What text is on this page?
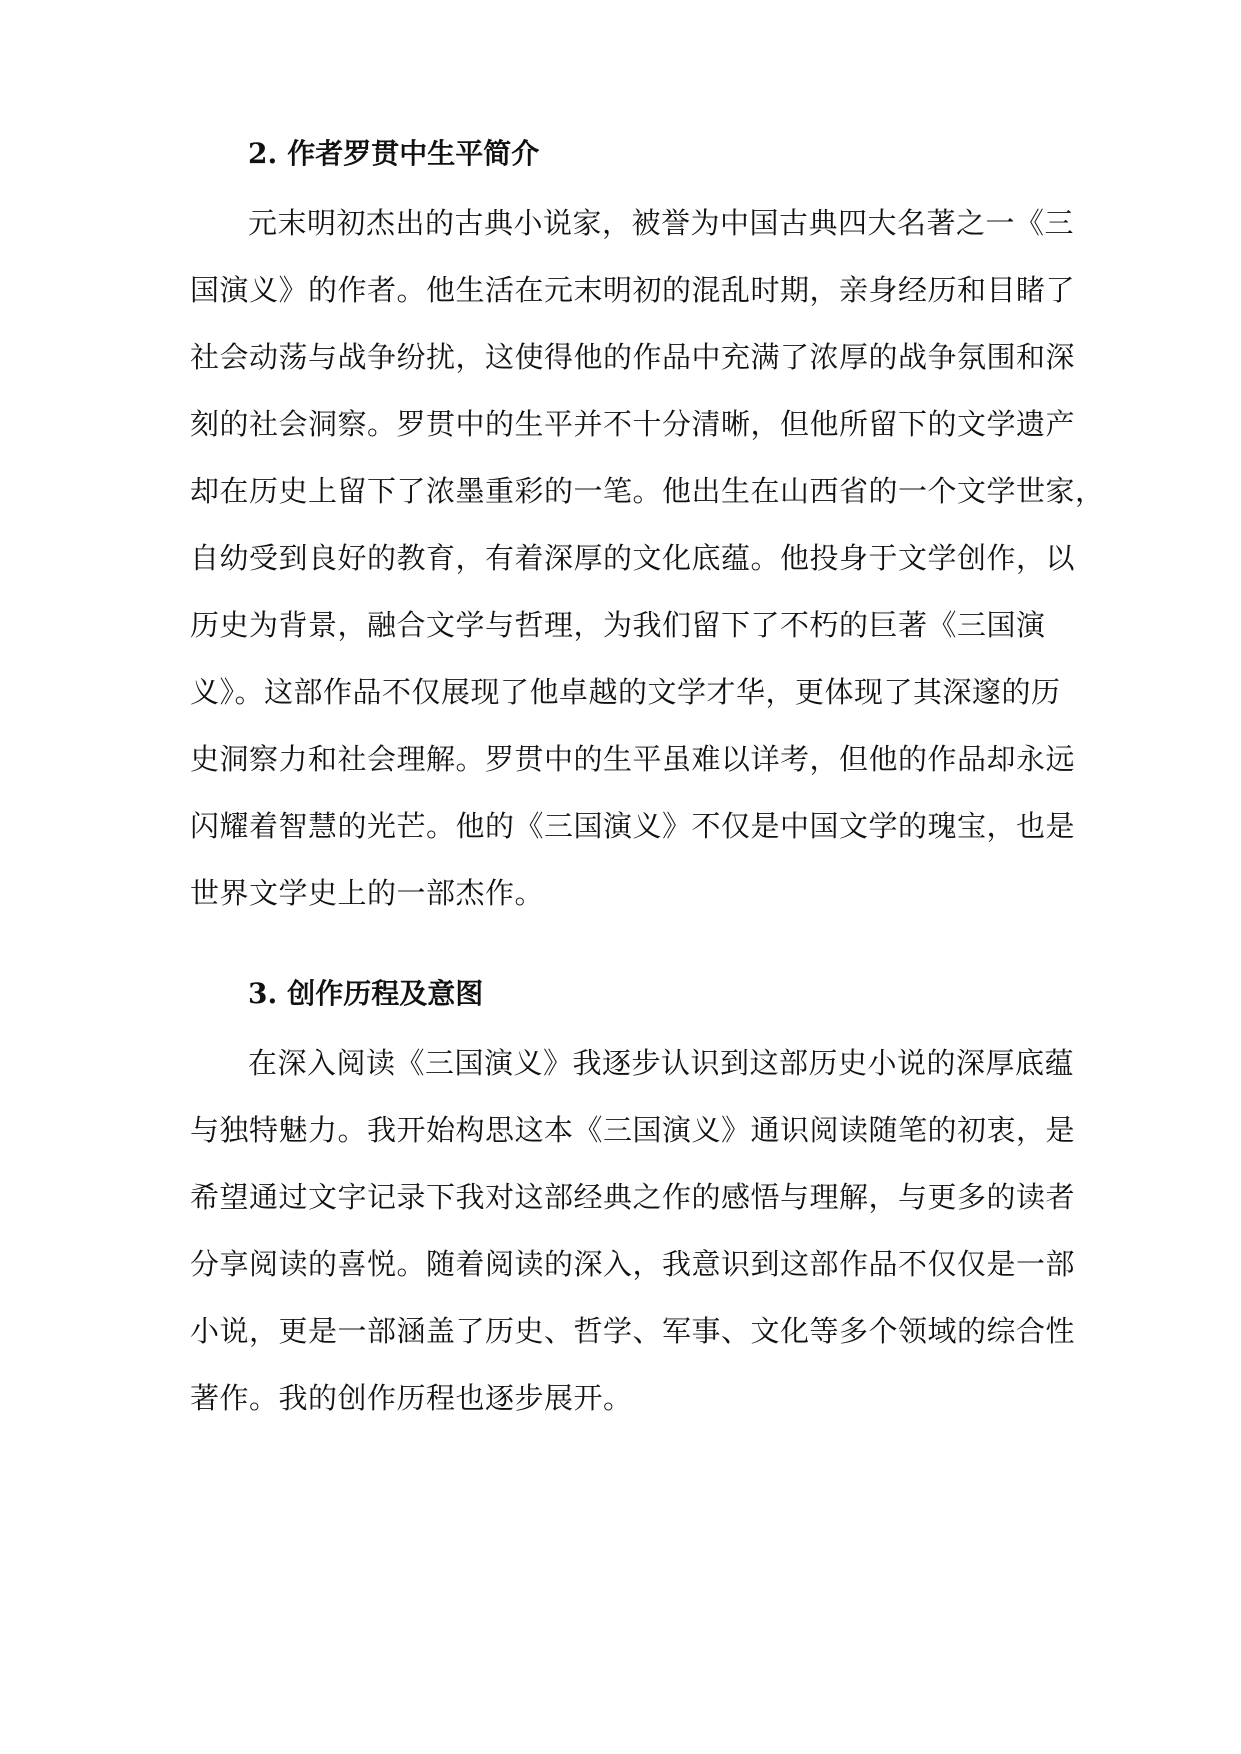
2. 作者罗贯中生平简介
元末明初杰出的古典小说家，被誉为中国古典四大名著之一《三
国演义》的作者。他生活在元末明初的混乱时期，亲身经历和目睹了
社会动荡与战争纷扰，这使得他的作品中充满了浓厚的战争氛围和深
刻的社会洞察。罗贯中的生平并不十分清晰，但他所留下的文学遗产
却在历史上留下了浓墨重彩的一笔。他出生在山西省的一个文学世家，
自幼受到良好的教育，有着深厚的文化底蕴。他投身于文学创作，以
历史为背景，融合文学与哲理，为我们留下了不朽的巨著《三国演
义》。这部作品不仅展现了他卓越的文学才华，更体现了其深邃的历
史洞察力和社会理解。罗贯中的生平虽难以详考，但他的作品却永远
闪耀着智慧的光芒。他的《三国演义》不仅是中国文学的瑰宝，也是
世界文学史上的一部杰作。
3. 创作历程及意图
在深入阅读《三国演义》我逐步认识到这部历史小说的深厚底蕴
与独特魅力。我开始构思这本《三国演义》通识阅读随笔的初衷，是
希望通过文字记录下我对这部经典之作的感悟与理解，与更多的读者
分享阅读的喜悦。随着阅读的深入，我意识到这部作品不仅仅是一部
小说，更是一部涵盖了历史、哲学、军事、文化等多个领域的综合性
著作。我的创作历程也逐步展开。
